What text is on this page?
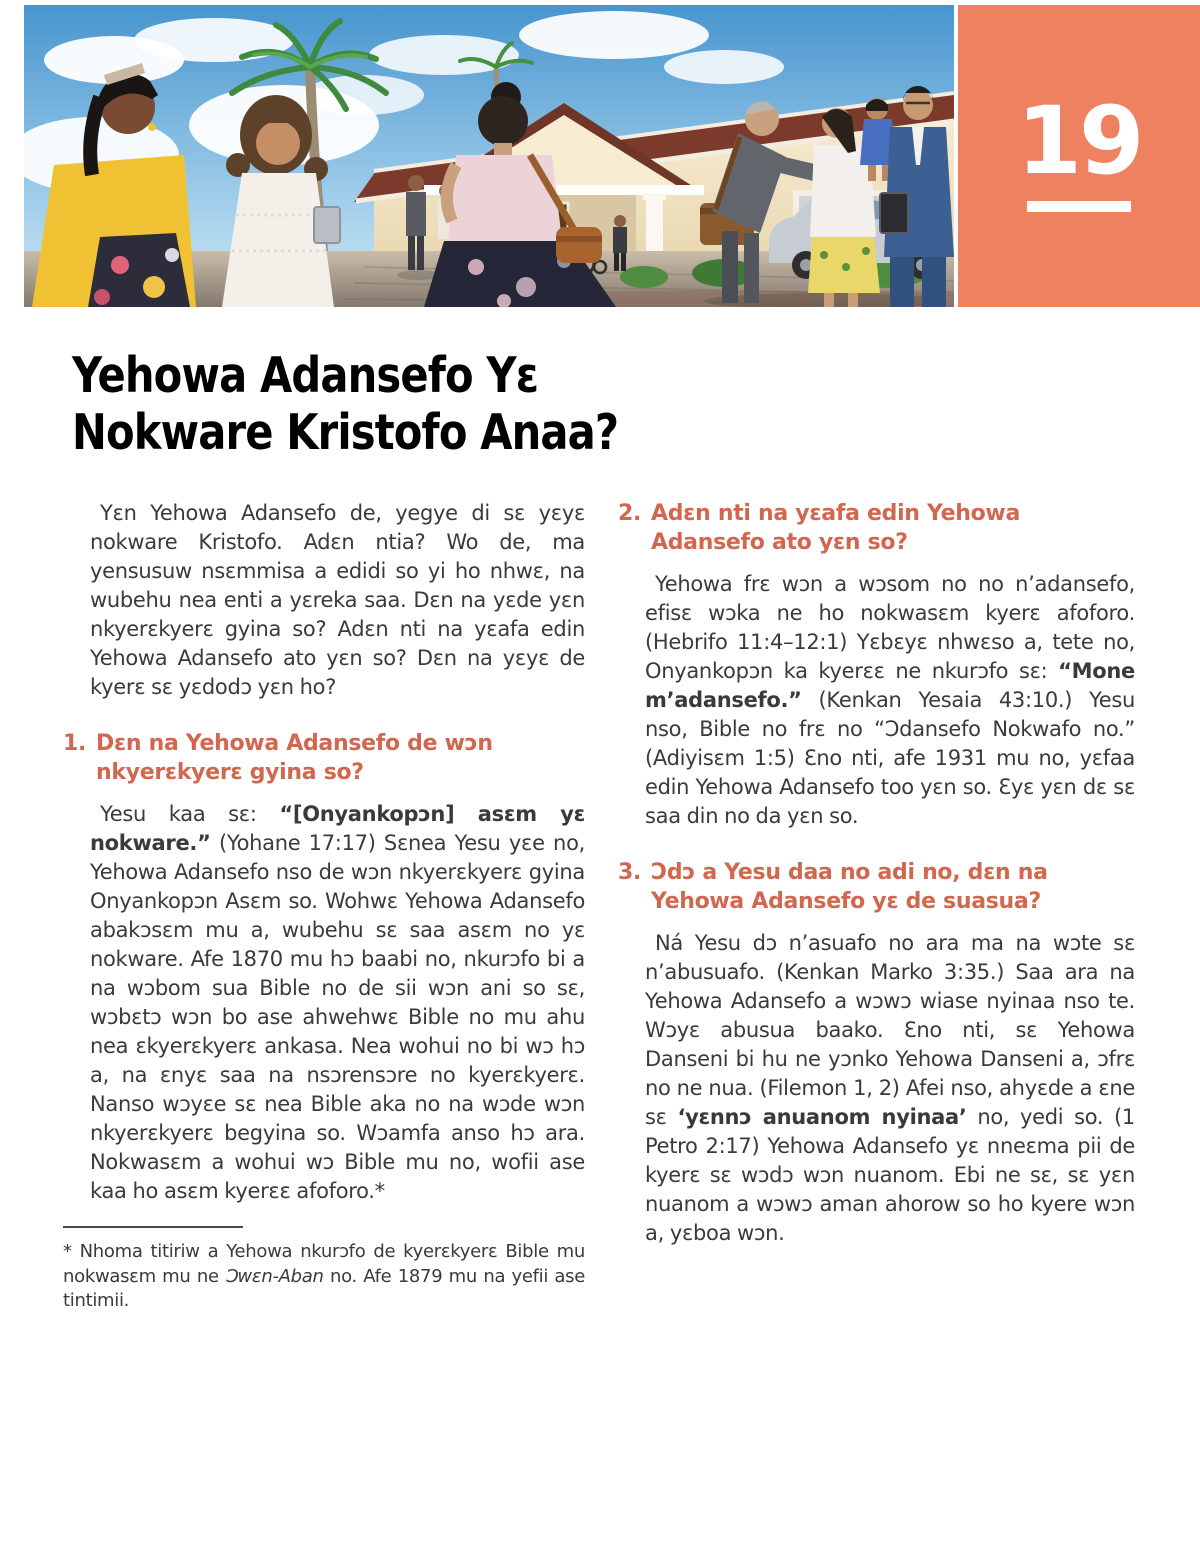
19
Yehowa Adansefo Yɛ
Nokware Kristofo Anaa?

Yɛn Yehowa Adansefo de, yegye di sɛ yɛyɛ nokware Kristofo. Adɛn ntia? Wo de, ma yensusuw nsɛmmisa a edidi so yi ho nhwɛ, na wubehu nea enti a yɛreka saa. Dɛn na yɛde yɛn nkyerɛkyerɛ gyina so? Adɛn nti na yɛafa edin Yehowa Adansefo ato yɛn so? Dɛn na yɛyɛ de kyerɛ sɛ yɛdodɔ yɛn ho?

1. Dɛn na Yehowa Adansefo de wɔn nkyerɛkyerɛ gyina so?

Yesu kaa sɛ: “[Onyankopɔn] asɛm yɛ nokware.” (Yohane 17:17) Sɛnea Yesu yɛe no, Yehowa Adansefo nso de wɔn nkyerɛkyerɛ gyina Onyankopɔn Asɛm so. Wohwɛ Yehowa Adansefo abakɔsɛm mu a, wubehu sɛ saa asɛm no yɛ nokware. Afe 1870 mu hɔ baabi no, nkurɔfo bi a na wɔbom sua Bible no de sii wɔn ani so sɛ, wɔbɛtɔ wɔn bo ase ahwehwɛ Bible no mu ahu nea ɛkyerɛkyerɛ ankasa. Nea wohui no bi wɔ hɔ a, na ɛnyɛ saa na nsɔrensɔre no kyerɛkyerɛ. Nanso wɔyɛe sɛ nea Bible aka no na wɔde wɔn nkyerɛkyerɛ begyina so. Wɔamfa anso hɔ ara. Nokwasɛm a wohui wɔ Bible mu no, wofii ase kaa ho asɛm kyerɛɛ afoforo.*

* Nhoma titiriw a Yehowa nkurɔfo de kyerɛkyerɛ Bible mu nokwasɛm mu ne Ɔwɛn-Aban no. Afe 1879 mu na yefii ase tintimii.

2. Adɛn nti na yɛafa edin Yehowa Adansefo ato yɛn so?

Yehowa frɛ wɔn a wɔsom no no n’adansefo, efisɛ wɔka ne ho nokwasɛm kyerɛ afoforo. (Hebrifo 11:4–12:1) Yɛbɛyɛ nhwɛso a, tete no, Onyankopɔn ka kyerɛɛ ne nkurɔfo sɛ: “Mone m’adansefo.” (Kenkan Yesaia 43:10.) Yesu nso, Bible no frɛ no “Ɔdansefo Nokwafo no.” (Adiyisɛm 1:5) Ɛno nti, afe 1931 mu no, yɛfaa edin Yehowa Adansefo too yɛn so. Ɛyɛ yɛn dɛ sɛ saa din no da yɛn so.

3. Ɔdɔ a Yesu daa no adi no, dɛn na Yehowa Adansefo yɛ de suasua?

Ná Yesu dɔ n’asuafo no ara ma na wɔte sɛ n’abusuafo. (Kenkan Marko 3:35.) Saa ara na Yehowa Adansefo a wɔwɔ wiase nyinaa nso te. Wɔyɛ abusua baako. Ɛno nti, sɛ Yehowa Danseni bi hu ne yɔnko Yehowa Danseni a, ɔfrɛ no ne nua. (Filemon 1, 2) Afei nso, ahyɛde a ɛne sɛ ‘yɛnnɔ anuanom nyinaa’ no, yedi so. (1 Petro 2:17) Yehowa Adansefo yɛ nneɛma pii de kyerɛ sɛ wɔdɔ wɔn nuanom. Ebi ne sɛ, sɛ yɛn nuanom a wɔwɔ aman ahorow so ho kyere wɔn a, yɛboa wɔn.
